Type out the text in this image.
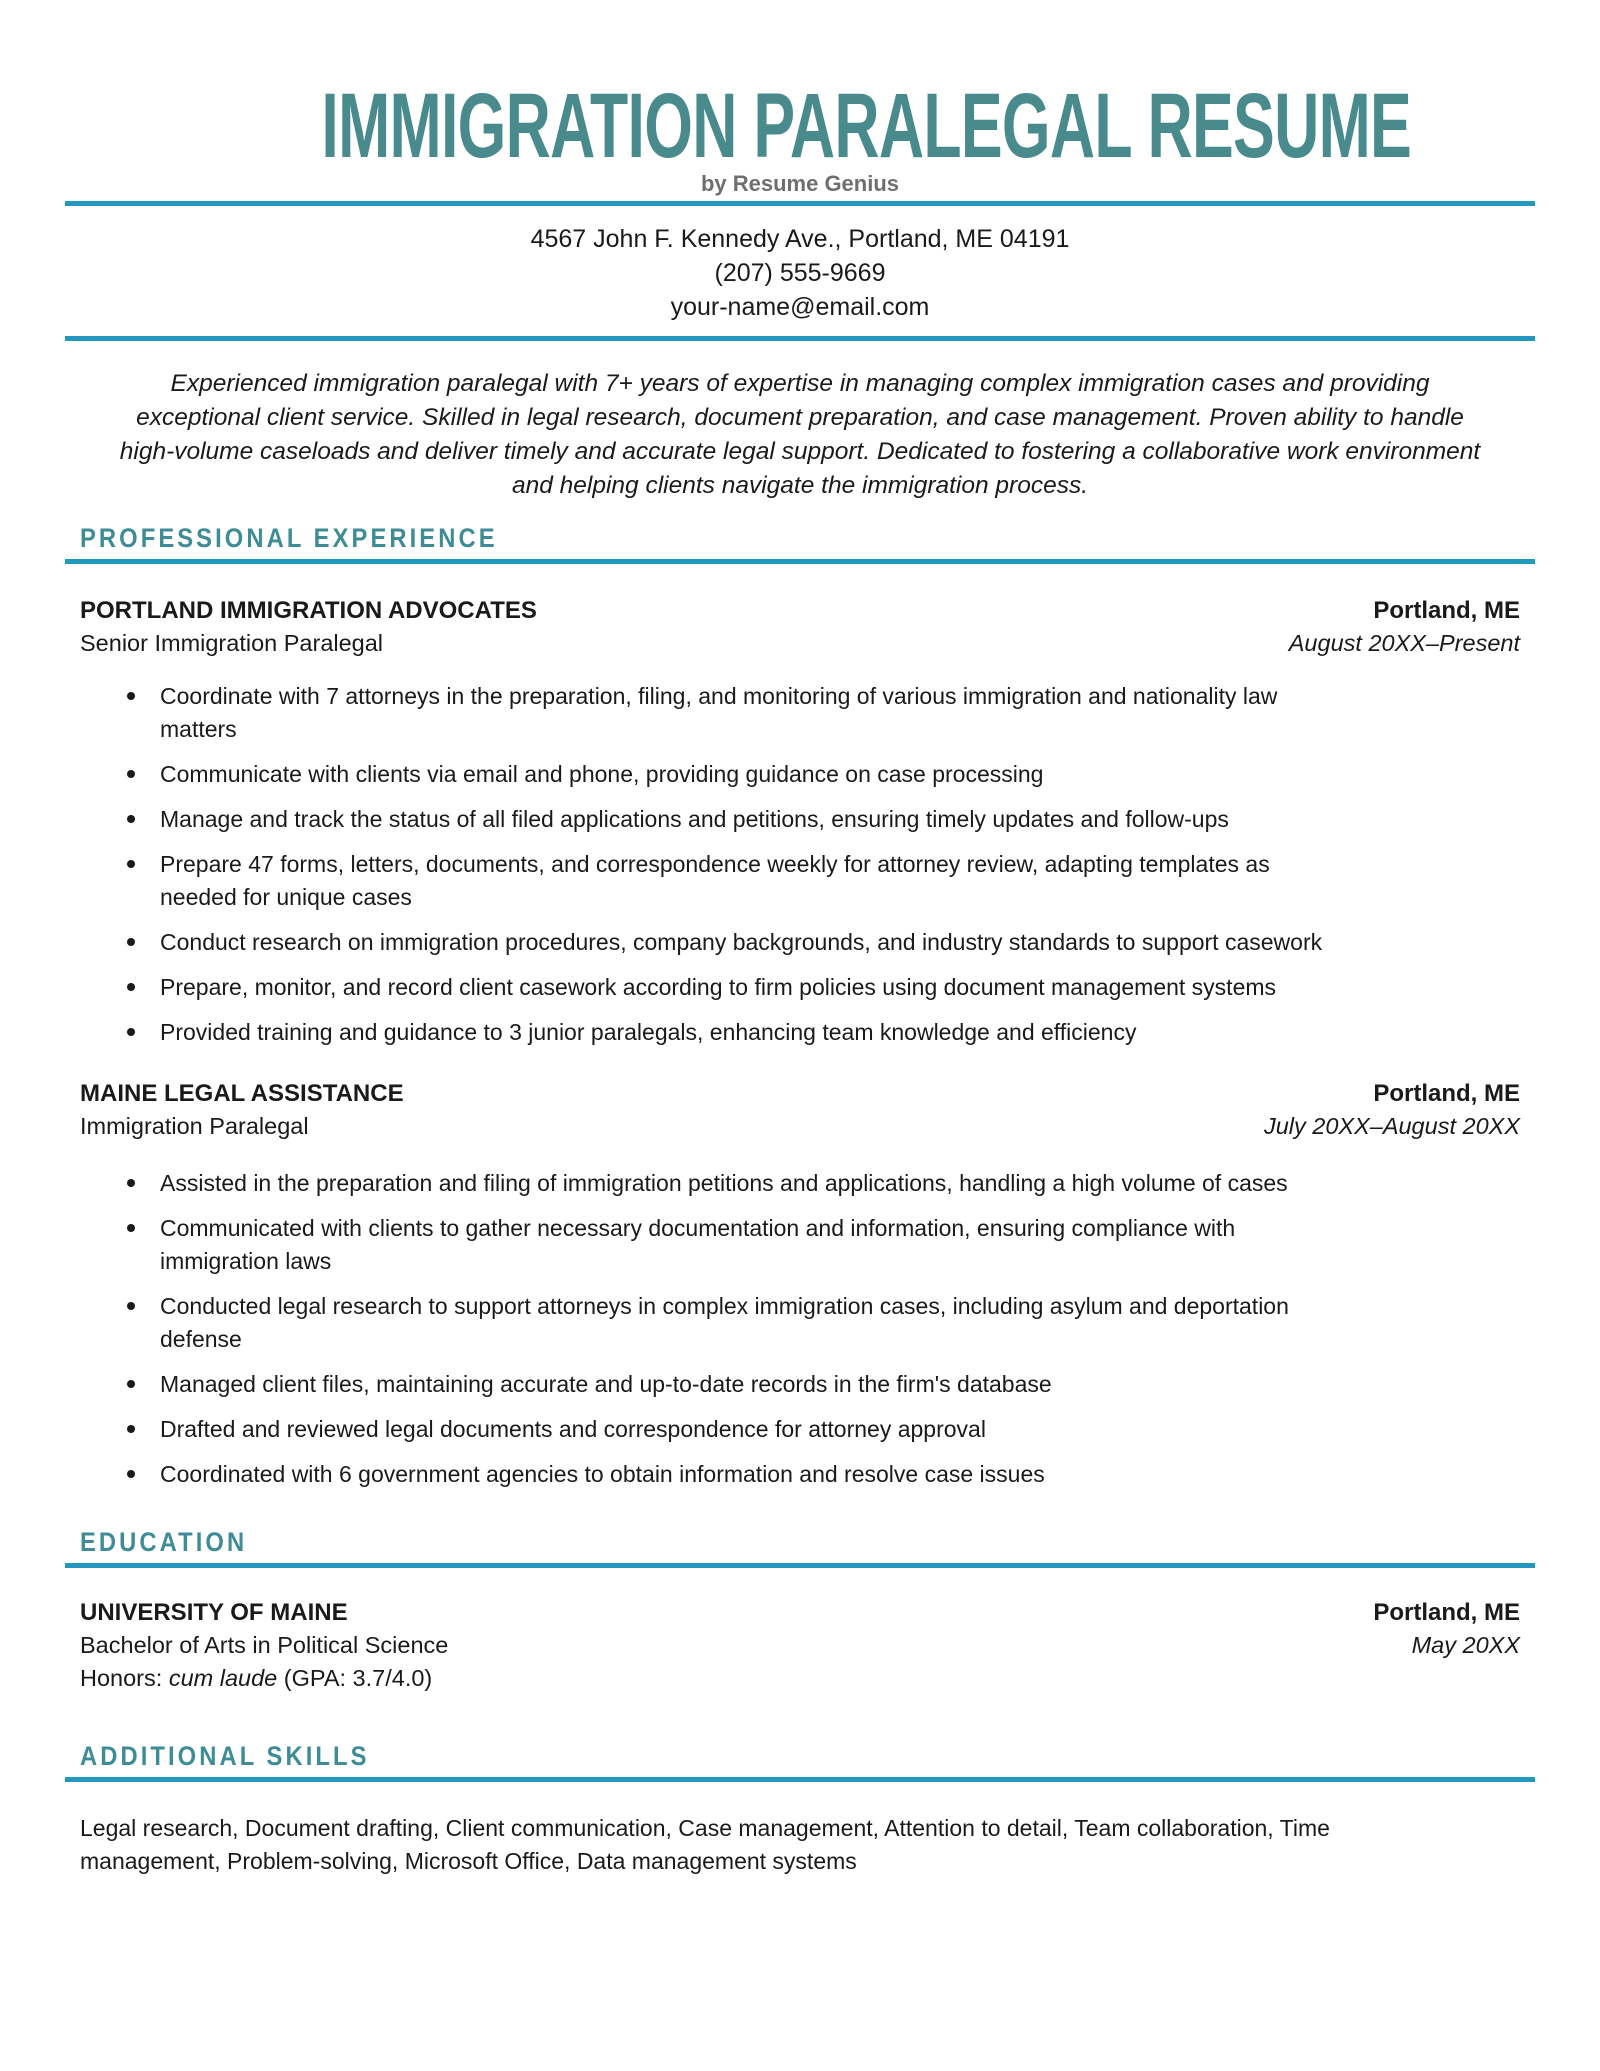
IMMIGRATION PARALEGAL RESUME
by Resume Genius
4567 John F. Kennedy Ave., Portland, ME 04191
(207) 555-9669
your-name@email.com

Experienced immigration paralegal with 7+ years of expertise in managing complex immigration cases and providing exceptional client service. Skilled in legal research, document preparation, and case management. Proven ability to handle high-volume caseloads and deliver timely and accurate legal support. Dedicated to fostering a collaborative work environment and helping clients navigate the immigration process.

PROFESSIONAL EXPERIENCE
PORTLAND IMMIGRATION ADVOCATES	Portland, ME
Senior Immigration Paralegal	August 20XX–Present
Coordinate with 7 attorneys in the preparation, filing, and monitoring of various immigration and nationality law matters
Communicate with clients via email and phone, providing guidance on case processing
Manage and track the status of all filed applications and petitions, ensuring timely updates and follow-ups
Prepare 47 forms, letters, documents, and correspondence weekly for attorney review, adapting templates as needed for unique cases
Conduct research on immigration procedures, company backgrounds, and industry standards to support casework
Prepare, monitor, and record client casework according to firm policies using document management systems
Provided training and guidance to 3 junior paralegals, enhancing team knowledge and efficiency
MAINE LEGAL ASSISTANCE	Portland, ME
Immigration Paralegal	July 20XX–August 20XX
Assisted in the preparation and filing of immigration petitions and applications, handling a high volume of cases
Communicated with clients to gather necessary documentation and information, ensuring compliance with immigration laws
Conducted legal research to support attorneys in complex immigration cases, including asylum and deportation defense
Managed client files, maintaining accurate and up-to-date records in the firm's database
Drafted and reviewed legal documents and correspondence for attorney approval
Coordinated with 6 government agencies to obtain information and resolve case issues
EDUCATION
UNIVERSITY OF MAINE	Portland, ME
Bachelor of Arts in Political Science	May 20XX
Honors: cum laude (GPA: 3.7/4.0)
ADDITIONAL SKILLS

Legal research, Document drafting, Client communication, Case management, Attention to detail, Team collaboration, Time management, Problem-solving, Microsoft Office, Data management systems
